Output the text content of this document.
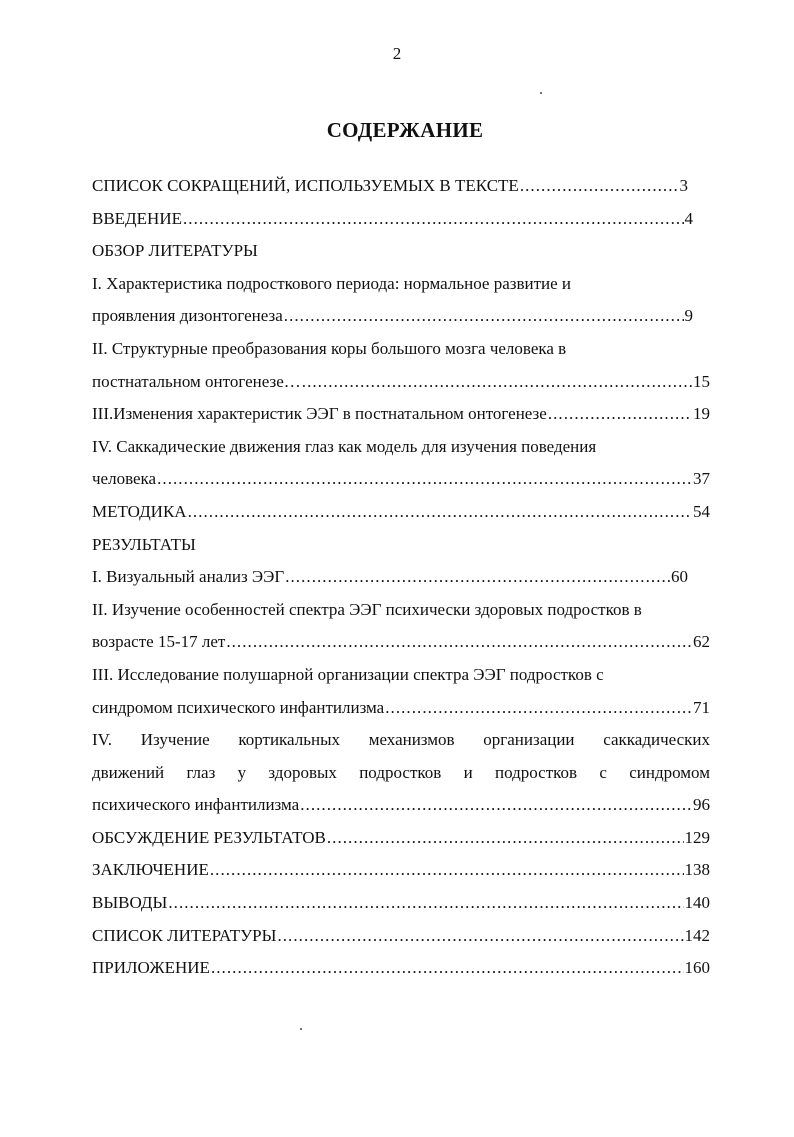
2
СОДЕРЖАНИЕ
СПИСОК СОКРАЩЕНИЙ, ИСПОЛЬЗУЕМЫХ В ТЕКСТЕ . . .	3
ВВЕДЕНИЕ . . .	4
ОБЗОР ЛИТЕРАТУРЫ
I. Характеристика подросткового периода: нормальное развитие и
проявления дизонтогенеза . . .	9
II. Структурные преобразования коры большого мозга человека в
постнатальном онтогенезе… . . .	15
III.Изменения характеристик ЭЭГ в постнатальном онтогенезе . . .	19
IV. Саккадические движения глаз как модель для изучения поведения
человека . . .	37
МЕТОДИКА . . .	54
РЕЗУЛЬТАТЫ
I. Визуальный анализ ЭЭГ . . .	60
II. Изучение особенностей спектра ЭЭГ психически здоровых подростков в
возрасте 15-17 лет . . .	62
III. Исследование полушарной организации спектра ЭЭГ подростков с
синдромом психического инфантилизма . . .	71
IV. Изучение кортикальных механизмов организации саккадических
движений глаз у здоровых подростков и подростков с синдромом
психического инфантилизма . . .	96
ОБСУЖДЕНИЕ РЕЗУЛЬТАТОВ . . .	129
ЗАКЛЮЧЕНИЕ . . .	138
ВЫВОДЫ . . .	140
СПИСОК ЛИТЕРАТУРЫ . . .	142
ПРИЛОЖЕНИЕ . . .	160
